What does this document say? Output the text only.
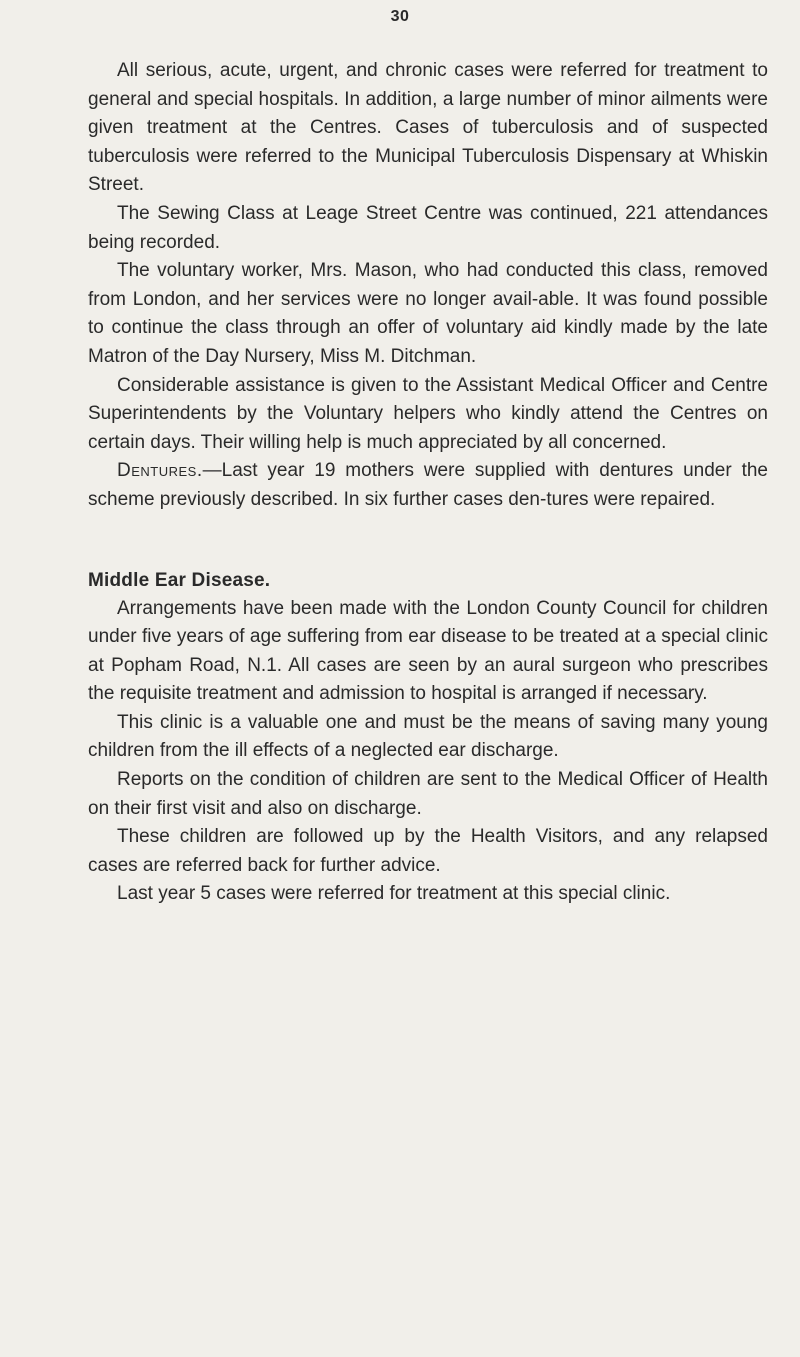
30

All serious, acute, urgent, and chronic cases were referred for treatment to general and special hospitals. In addition, a large number of minor ailments were given treatment at the Centres. Cases of tuberculosis and of suspected tuberculosis were referred to the Municipal Tuberculosis Dispensary at Whiskin Street.

The Sewing Class at Leage Street Centre was continued, 221 attendances being recorded.

The voluntary worker, Mrs. Mason, who had conducted this class, removed from London, and her services were no longer avail-able. It was found possible to continue the class through an offer of voluntary aid kindly made by the late Matron of the Day Nursery, Miss M. Ditchman.

Considerable assistance is given to the Assistant Medical Officer and Centre Superintendents by the Voluntary helpers who kindly attend the Centres on certain days. Their willing help is much appreciated by all concerned.

Dentures.—Last year 19 mothers were supplied with dentures under the scheme previously described. In six further cases den-tures were repaired.

Middle Ear Disease.

Arrangements have been made with the London County Council for children under five years of age suffering from ear disease to be treated at a special clinic at Popham Road, N.1. All cases are seen by an aural surgeon who prescribes the requisite treatment and admission to hospital is arranged if necessary.

This clinic is a valuable one and must be the means of saving many young children from the ill effects of a neglected ear discharge.

Reports on the condition of children are sent to the Medical Officer of Health on their first visit and also on discharge.

These children are followed up by the Health Visitors, and any relapsed cases are referred back for further advice.

Last year 5 cases were referred for treatment at this special clinic.
